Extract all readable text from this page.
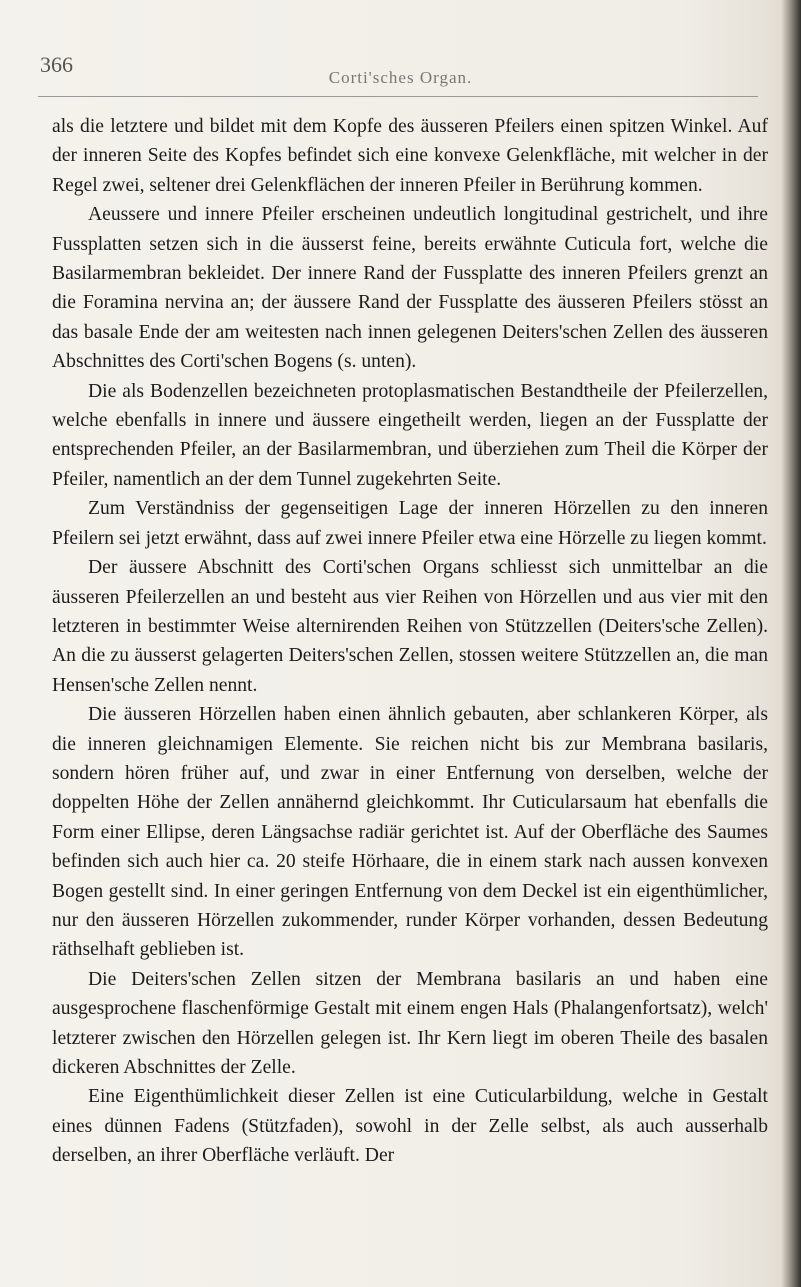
366
Corti'sches Organ.

als die letztere und bildet mit dem Kopfe des äusseren Pfeilers einen spitzen Winkel. Auf der inneren Seite des Kopfes befindet sich eine konvexe Gelenkfläche, mit welcher in der Regel zwei, seltener drei Gelenkflächen der inneren Pfeiler in Berührung kommen.

Aeussere und innere Pfeiler erscheinen undeutlich longitudinal gestrichelt, und ihre Fussplatten setzen sich in die äusserst feine, bereits erwähnte Cuticula fort, welche die Basilarmembran bekleidet. Der innere Rand der Fussplatte des inneren Pfeilers grenzt an die Foramina nervina an; der äussere Rand der Fussplatte des äusseren Pfeilers stösst an das basale Ende der am weitesten nach innen gelegenen Deiters'schen Zellen des äusseren Abschnittes des Corti'schen Bogens (s. unten).

Die als Bodenzellen bezeichneten protoplasmatischen Bestandtheile der Pfeilerzellen, welche ebenfalls in innere und äussere eingetheilt werden, liegen an der Fussplatte der entsprechenden Pfeiler, an der Basilarmembran, und überziehen zum Theil die Körper der Pfeiler, namentlich an der dem Tunnel zugekehrten Seite.

Zum Verständniss der gegenseitigen Lage der inneren Hörzellen zu den inneren Pfeilern sei jetzt erwähnt, dass auf zwei innere Pfeiler etwa eine Hörzelle zu liegen kommt.

Der äussere Abschnitt des Corti'schen Organs schliesst sich unmittelbar an die äusseren Pfeilerzellen an und besteht aus vier Reihen von Hörzellen und aus vier mit den letzteren in bestimmter Weise alternirenden Reihen von Stützzellen (Deiters'sche Zellen). An die zu äusserst gelagerten Deiters'schen Zellen, stossen weitere Stützzellen an, die man Hensen'sche Zellen nennt.

Die äusseren Hörzellen haben einen ähnlich gebauten, aber schlankeren Körper, als die inneren gleichnamigen Elemente. Sie reichen nicht bis zur Membrana basilaris, sondern hören früher auf, und zwar in einer Entfernung von derselben, welche der doppelten Höhe der Zellen annähernd gleichkommt. Ihr Cuticularsaum hat ebenfalls die Form einer Ellipse, deren Längsachse radiär gerichtet ist. Auf der Oberfläche des Saumes befinden sich auch hier ca. 20 steife Hörhaare, die in einem stark nach aussen konvexen Bogen gestellt sind. In einer geringen Entfernung von dem Deckel ist ein eigenthümlicher, nur den äusseren Hörzellen zukommender, runder Körper vorhanden, dessen Bedeutung räthselhaft geblieben ist.

Die Deiters'schen Zellen sitzen der Membrana basilaris an und haben eine ausgesprochene flaschenförmige Gestalt mit einem engen Hals (Phalangenfortsatz), welch' letzterer zwischen den Hörzellen gelegen ist. Ihr Kern liegt im oberen Theile des basalen dickeren Abschnittes der Zelle.

Eine Eigenthümlichkeit dieser Zellen ist eine Cuticularbildung, welche in Gestalt eines dünnen Fadens (Stützfaden), sowohl in der Zelle selbst, als auch ausserhalb derselben, an ihrer Oberfläche verläuft. Der
